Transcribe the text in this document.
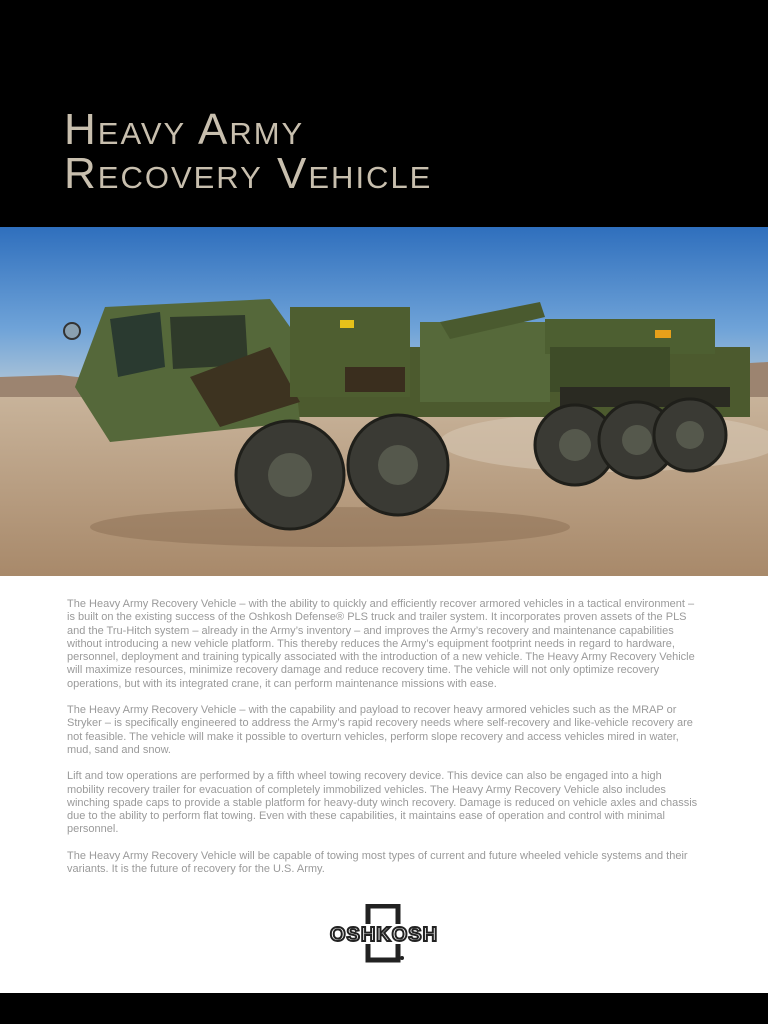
Heavy Army
Recovery Vehicle

The Heavy Army Recovery Vehicle – with the ability to quickly and efficiently recover armored vehicles in a tactical environment – is built on the existing success of the Oshkosh Defense® PLS truck and trailer system. It incorporates proven assets of the PLS and the Tru-Hitch system – already in the Army’s inventory – and improves the Army’s recovery and maintenance capabilities without introducing a new vehicle platform. This thereby reduces the Army’s equipment footprint needs in regard to hardware, personnel, deployment and training typically associated with the introduction of a new vehicle. The Heavy Army Recovery Vehicle will maximize resources, minimize recovery damage and reduce recovery time. The vehicle will not only optimize recovery operations, but with its integrated crane, it can perform maintenance missions with ease.

The Heavy Army Recovery Vehicle – with the capability and payload to recover heavy armored vehicles such as the MRAP or Stryker – is specifically engineered to address the Army’s rapid recovery needs where self-recovery and like-vehicle recovery are not feasible. The vehicle will make it possible to overturn vehicles, perform slope recovery and access vehicles mired in water, mud, sand and snow.

Lift and tow operations are performed by a fifth wheel towing recovery device. This device can also be engaged into a high mobility recovery trailer for evacuation of completely immobilized vehicles. The Heavy Army Recovery Vehicle also includes winching spade caps to provide a stable platform for heavy-duty winch recovery. Damage is reduced on vehicle axles and chassis due to the ability to perform flat towing. Even with these capabilities, it maintains ease of operation and control with minimal personnel.

The Heavy Army Recovery Vehicle will be capable of towing most types of current and future wheeled vehicle systems and their variants. It is the future of recovery for the U.S. Army.

OSHKOSH
